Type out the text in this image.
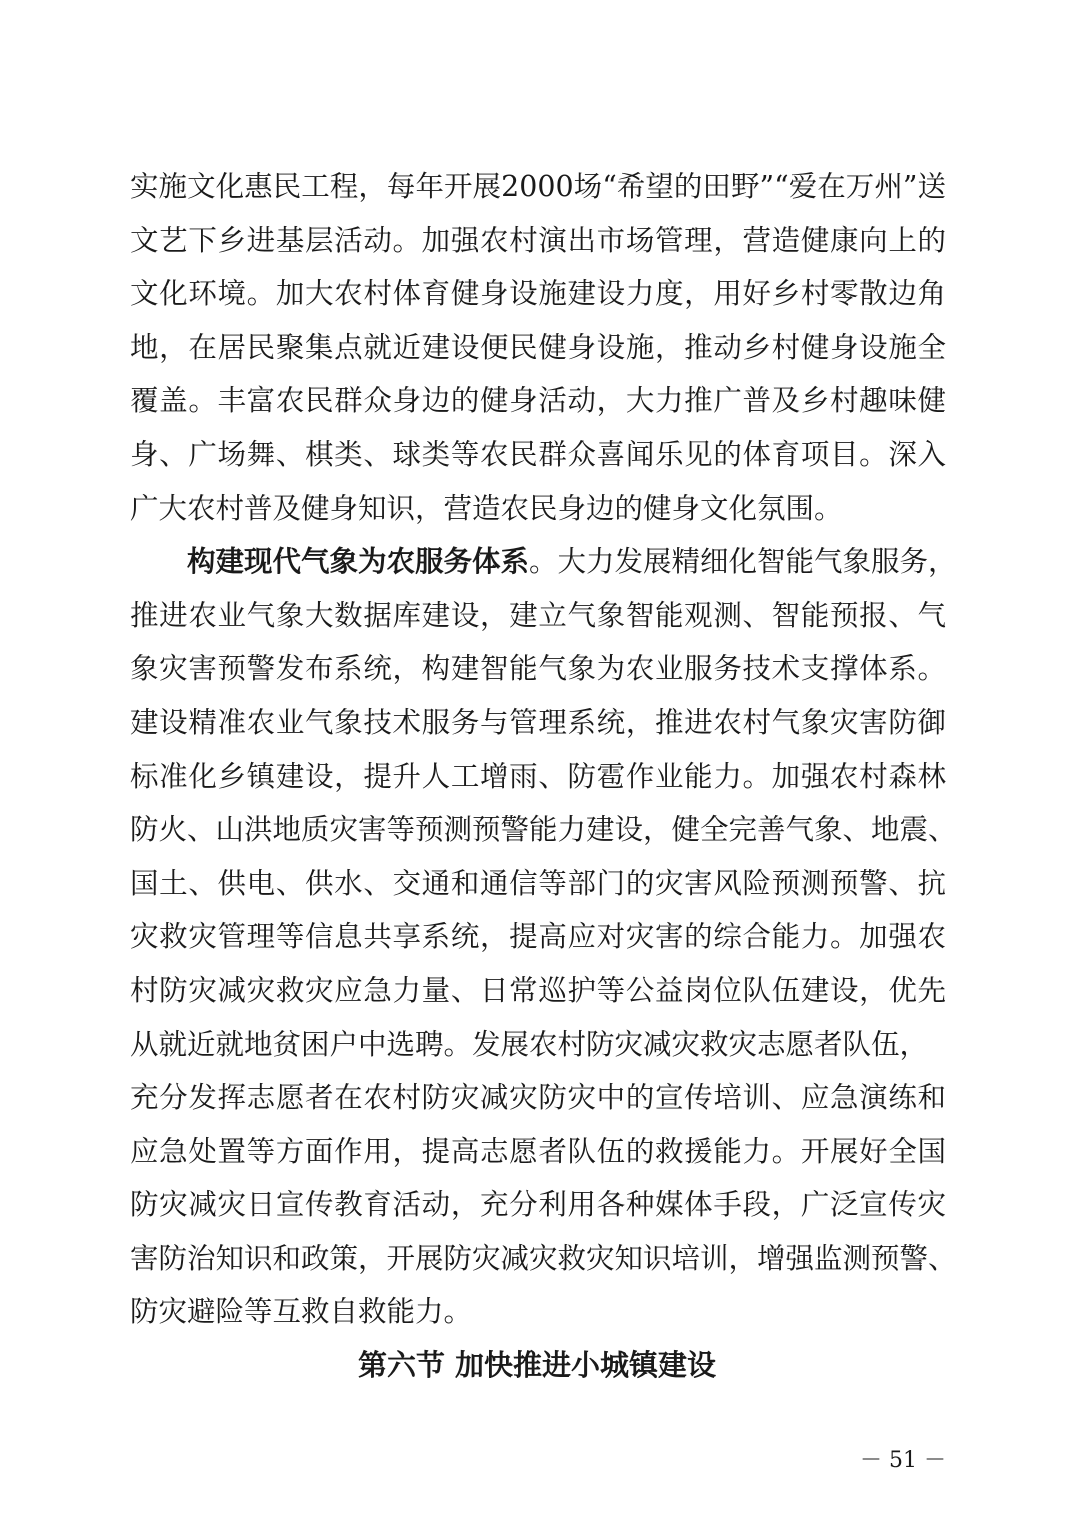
实施文化惠民工程，每年开展2000场“希望的田野”“爱在万州”送
文艺下乡进基层活动。加强农村演出市场管理，营造健康向上的
文化环境。加大农村体育健身设施建设力度，用好乡村零散边角
地，在居民聚集点就近建设便民健身设施，推动乡村健身设施全
覆盖。丰富农民群众身边的健身活动，大力推广普及乡村趣味健
身、广场舞、棋类、球类等农民群众喜闻乐见的体育项目。深入
广大农村普及健身知识，营造农民身边的健身文化氛围。
构建现代气象为农服务体系。大力发展精细化智能气象服务，
推进农业气象大数据库建设，建立气象智能观测、智能预报、气
象灾害预警发布系统，构建智能气象为农业服务技术支撑体系。
建设精准农业气象技术服务与管理系统，推进农村气象灾害防御
标准化乡镇建设，提升人工增雨、防雹作业能力。加强农村森林
防火、山洪地质灾害等预测预警能力建设，健全完善气象、地震、
国土、供电、供水、交通和通信等部门的灾害风险预测预警、抗
灾救灾管理等信息共享系统，提高应对灾害的综合能力。加强农
村防灾减灾救灾应急力量、日常巡护等公益岗位队伍建设，优先
从就近就地贫困户中选聘。发展农村防灾减灾救灾志愿者队伍，
充分发挥志愿者在农村防灾减灾防灾中的宣传培训、应急演练和
应急处置等方面作用，提高志愿者队伍的救援能力。开展好全国
防灾减灾日宣传教育活动，充分利用各种媒体手段，广泛宣传灾
害防治知识和政策，开展防灾减灾救灾知识培训，增强监测预警、
防灾避险等互救自救能力。
第六节 加快推进小城镇建设
－ 51 －
